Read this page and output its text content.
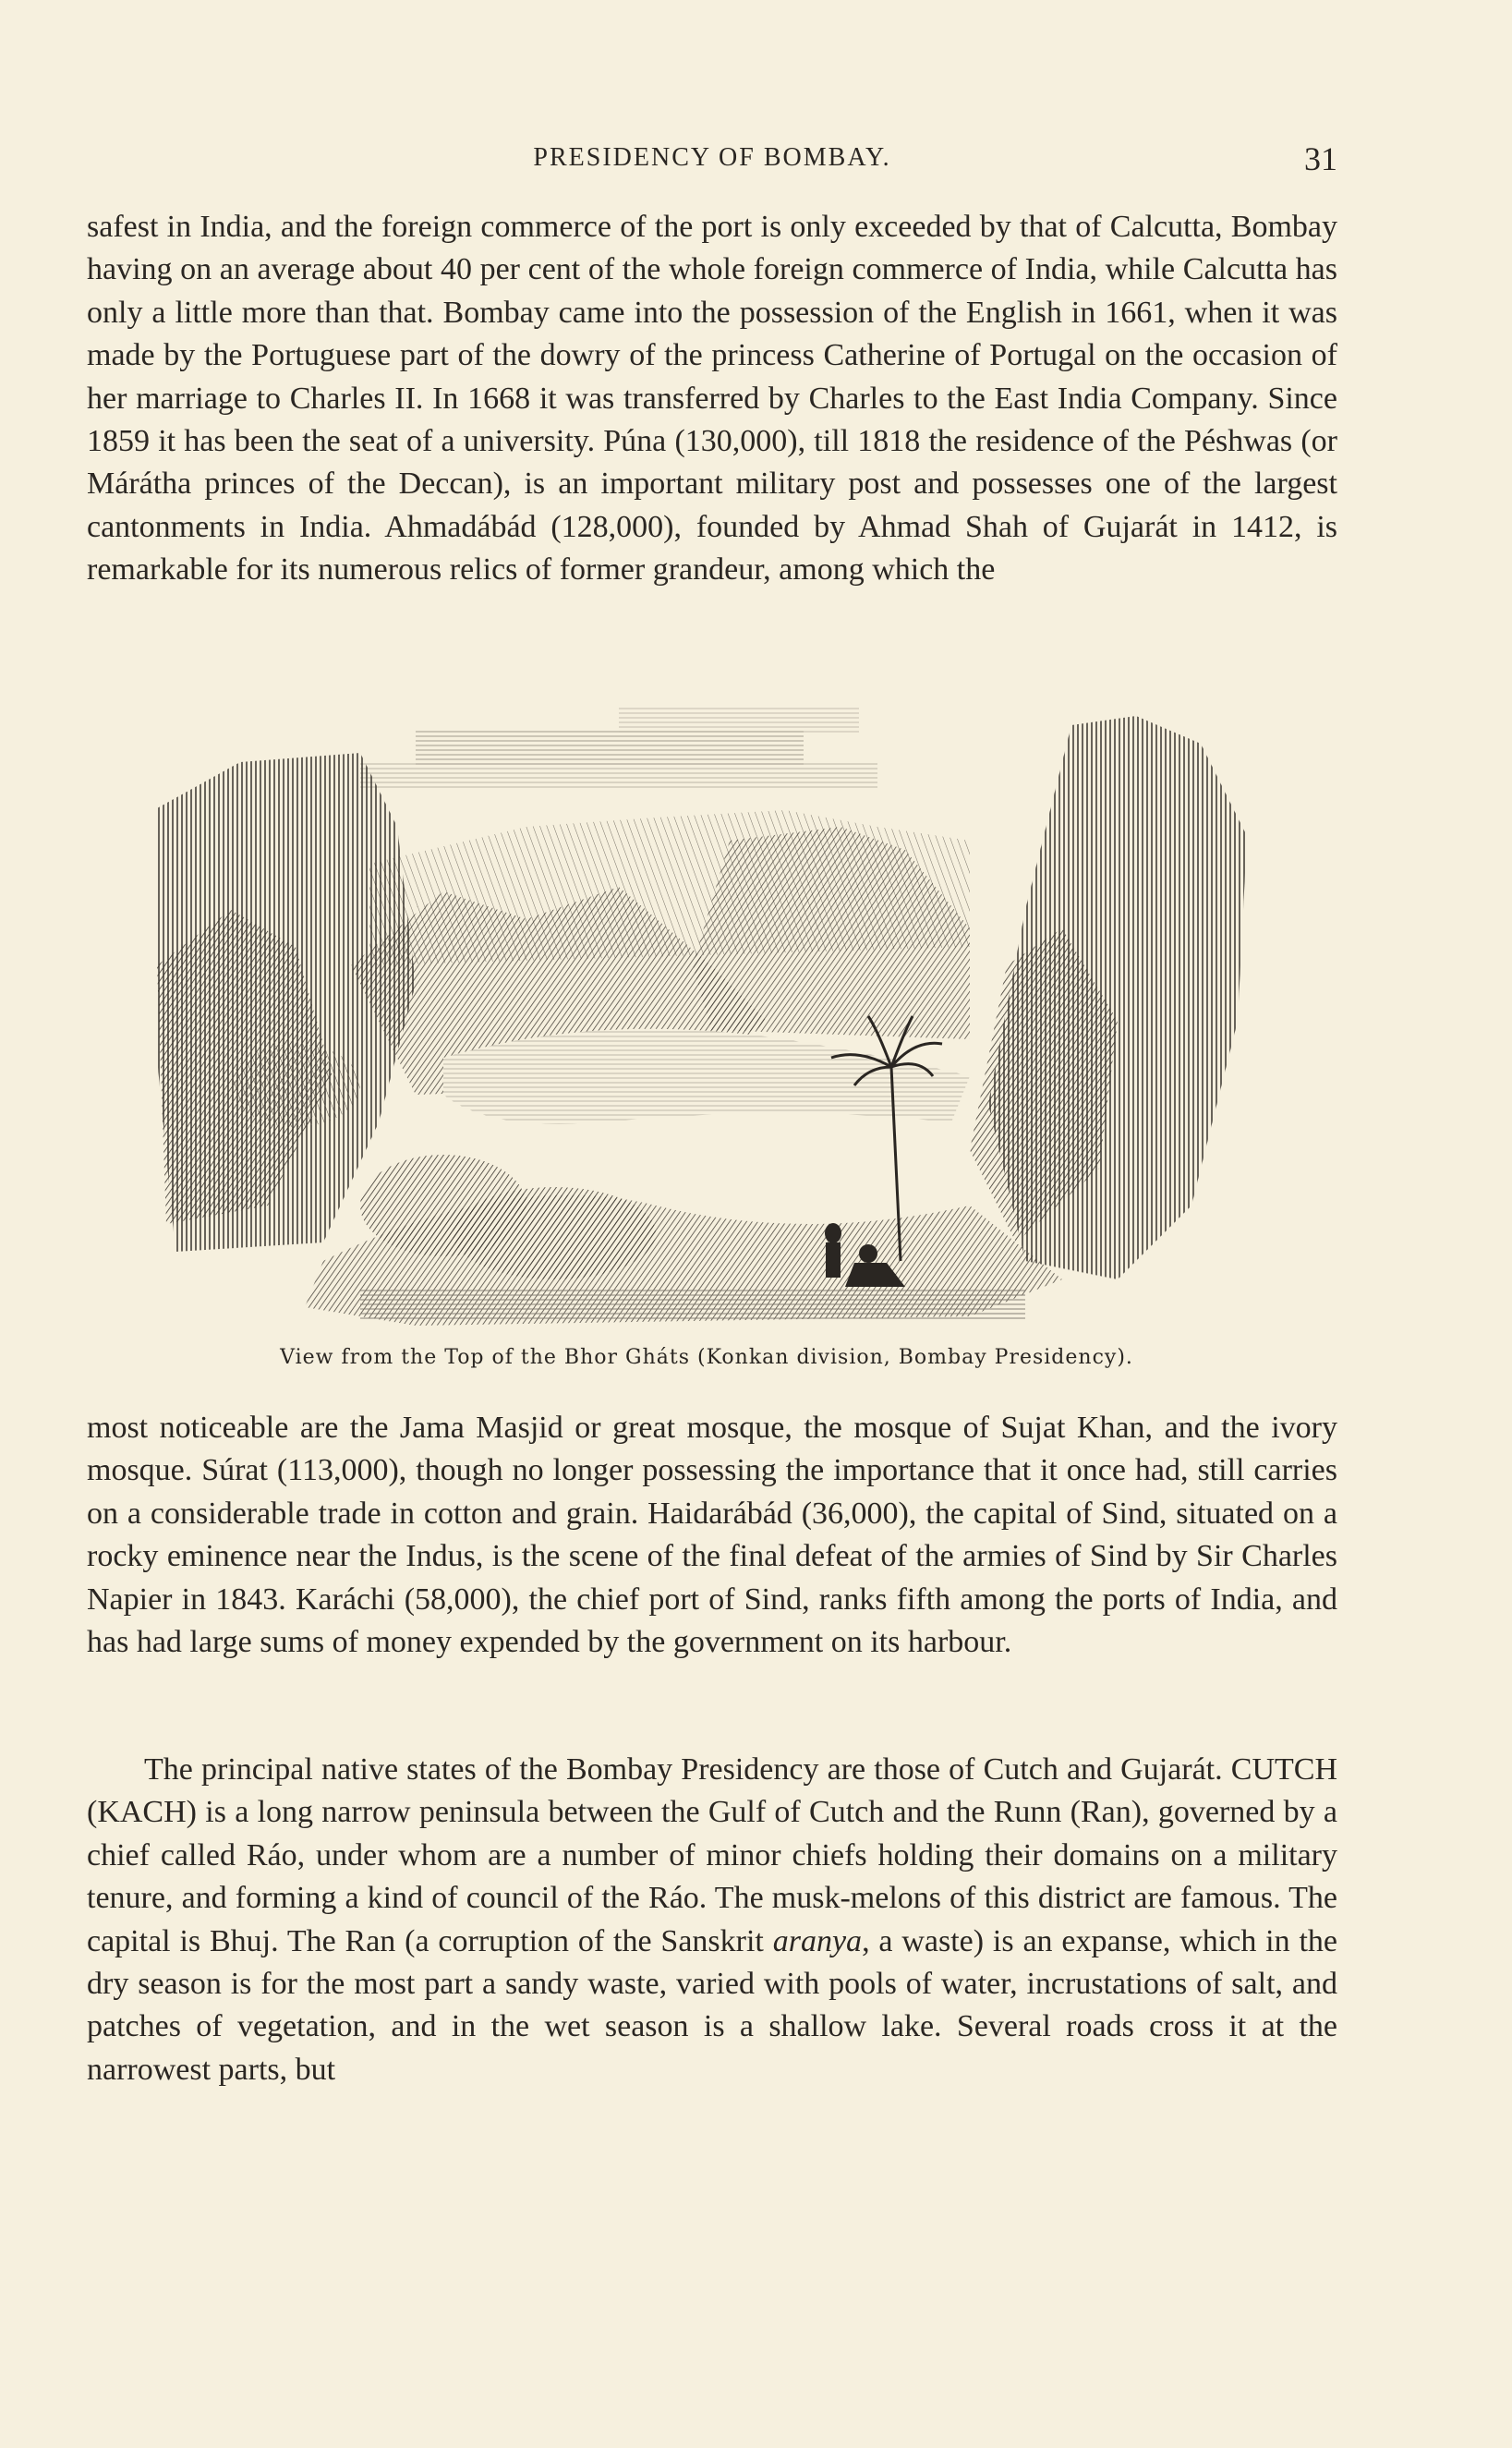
PRESIDENCY OF BOMBAY.	31

safest in India, and the foreign commerce of the port is only exceeded by that of Calcutta, Bombay having on an average about 40 per cent of the whole foreign commerce of India, while Calcutta has only a little more than that. Bombay came into the possession of the English in 1661, when it was made by the Portuguese part of the dowry of the princess Catherine of Portugal on the occasion of her marriage to Charles II. In 1668 it was transferred by Charles to the East India Company. Since 1859 it has been the seat of a university. Púna (130,000), till 1818 the residence of the Péshwas (or Márátha princes of the Deccan), is an important military post and possesses one of the largest cantonments in India. Ahmadábád (128,000), founded by Ahmad Shah of Gujarát in 1412, is remarkable for its numerous relics of former grandeur, among which the

View from the Top of the Bhor Gháts (Konkan division, Bombay Presidency).

most noticeable are the Jama Masjid or great mosque, the mosque of Sujat Khan, and the ivory mosque. Súrat (113,000), though no longer possessing the importance that it once had, still carries on a considerable trade in cotton and grain. Haidarábád (36,000), the capital of Sind, situated on a rocky eminence near the Indus, is the scene of the final defeat of the armies of Sind by Sir Charles Napier in 1843. Karáchi (58,000), the chief port of Sind, ranks fifth among the ports of India, and has had large sums of money expended by the government on its harbour.

The principal native states of the Bombay Presidency are those of Cutch and Gujarát. CUTCH (KACH) is a long narrow peninsula between the Gulf of Cutch and the Runn (Ran), governed by a chief called Ráo, under whom are a number of minor chiefs holding their domains on a military tenure, and forming a kind of council of the Ráo. The musk-melons of this district are famous. The capital is Bhuj. The Ran (a corruption of the Sanskrit aranya, a waste) is an expanse, which in the dry season is for the most part a sandy waste, varied with pools of water, incrustations of salt, and patches of vegetation, and in the wet season is a shallow lake. Several roads cross it at the narrowest parts, but
